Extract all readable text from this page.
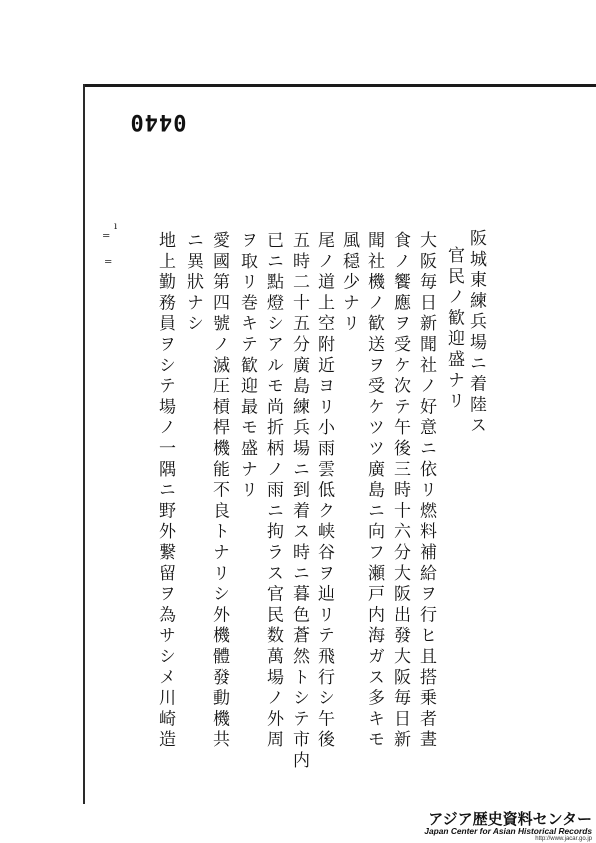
0440
ı
=
=	阪城東練兵場ニ着陸ス
官民ノ歓迎盛ナリ
大阪毎日新聞社ノ好意ニ依リ燃料補給ヲ行ヒ且搭乗者晝
食ノ饗應ヲ受ケ次テ午後三時十六分大阪出發大阪毎日新
聞社機ノ歓送ヲ受ケツツ廣島ニ向フ瀬戸内海ガス多キモ
風穏少ナリ
尾ノ道上空附近ヨリ小雨雲低ク峡谷ヲ辿リテ飛行シ午後
五時二十五分廣島練兵場ニ到着ス時ニ暮色蒼然トシテ市内
已ニ點燈シアルモ尚折柄ノ雨ニ拘ラス官民数萬場ノ外周
ヲ取リ巻キテ歓迎最モ盛ナリ
愛國第四號ノ滅圧槓桿機能不良トナリシ外機體發動機共
ニ異狀ナシ
地上勤務員ヲシテ場ノ一隅ニ野外繋留ヲ為サシメ川崎造
アジア歴史資料センター
Japan Center for Asian Historical Records
http://www.jacar.go.jp
